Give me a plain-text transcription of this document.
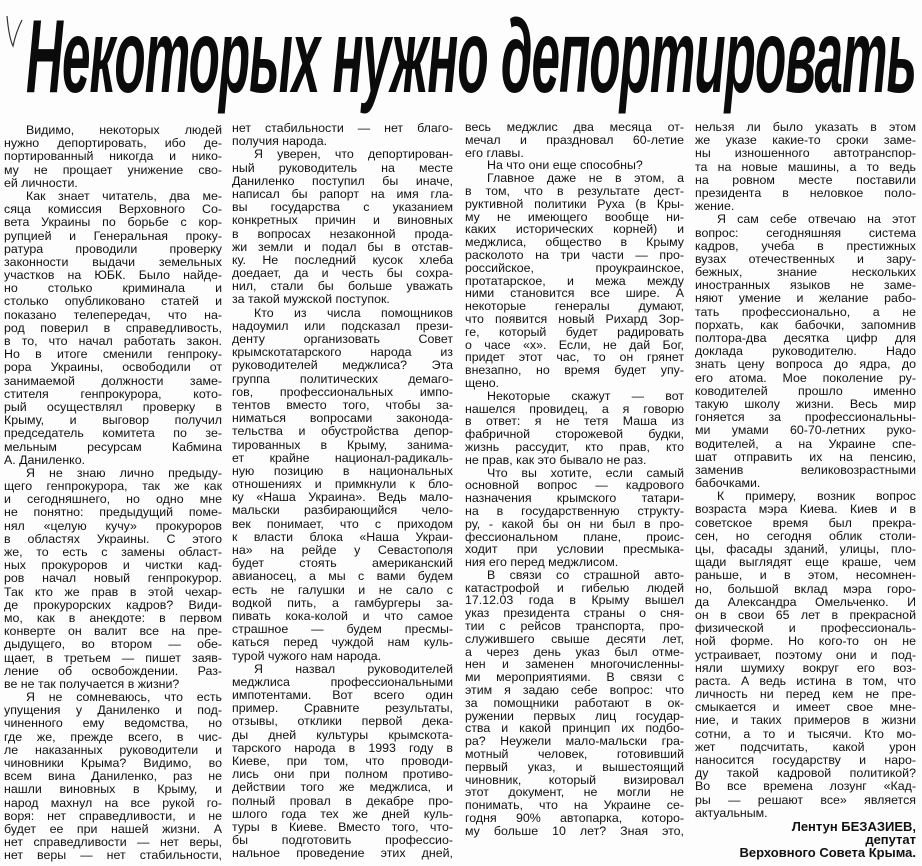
Некоторых нужно депортировать
Видимо, некоторых людей
нужно депортировать, ибо де-
портированный никогда и нико-
му не прощает унижение сво-
ей личности.
Как знает читатель, два ме-
сяца комиссия Верховного Со-
вета Украины по борьбе с кор-
рупцией и Генеральная проку-
ратура проводили проверку
законности выдачи земельных
участков на ЮБК. Было найде-
но столько криминала и
столько опубликовано статей и
показано телепередач, что на-
род поверил в справедливость,
в то, что начал работать закон.
Но в итоге сменили генпроку-
рора Украины, освободили от
занимаемой должности заме-
стителя генпрокурора, кото-
рый осуществлял проверку в
Крыму, и выговор получил
председатель комитета по зе-
мельным ресурсам Кабмина
А. Даниленко.
Я не знаю лично предыду-
щего генпрокурора, так же как
и сегодняшнего, но одно мне
не понятно: предыдущий поме-
нял «целую кучу» прокуроров
в областях Украины. С этого
же, то есть с замены област-
ных прокуроров и чистки кад-
ров начал новый генпрокурор.
Так кто же прав в этой чехар-
де прокурорских кадров? Види-
мо, как в анекдоте: в первом
конверте он валит все на пре-
дыдущего, во втором — обе-
щает, в третьем — пишет заяв-
ление об освобождении. Раз-
ве не так получается в жизни?
Я не сомневаюсь, что есть
упущения у Даниленко и под-
чиненного ему ведомства, но
где же, прежде всего, в чис-
ле наказанных руководители и
чиновники Крыма? Видимо, во
всем вина Даниленко, раз не
нашли виновных в Крыму, и
народ махнул на все рукой го-
воря: нет справедливости, и не
будет ее при нашей жизни. А
нет справедливости — нет веры,
нет веры — нет стабильности,
нет стабильности — нет благо-
получия народа.
Я уверен, что депортирован-
ный руководитель на месте
Даниленко поступил бы иначе,
написал бы рапорт на имя гла-
вы государства с указанием
конкретных причин и виновных
в вопросах незаконной прода-
жи земли и подал бы в отстав-
ку. Не последний кусок хлеба
доедает, да и честь бы сохра-
нил, стали бы больше уважать
за такой мужской поступок.
Кто из числа помощников
надоумил или подсказал прези-
денту организовать Совет
крымскотатарского народа из
руководителей меджлиса? Эта
группа политических демаго-
гов, профессиональных импо-
тентов вместо того, чтобы за-
ниматься вопросами законода-
тельства и обустройства депор-
тированных в Крыму, занима-
ет крайне национал-радикаль-
ную позицию в национальных
отношениях и примкнули к бло-
ку «Наша Украина». Ведь мало-
мальски разбирающийся чело-
век понимает, что с приходом
к власти блока «Наша Украи-
на» на рейде у Севастополя
будет стоять американский
авианосец, а мы с вами будем
есть не галушки и не сало с
водкой пить, а гамбургеры за-
пивать кока-колой и что самое
страшное — будем пресмы-
каться перед чуждой нам куль-
турой чужого нам народа.
Я назвал руководителей
меджлиса профессиональными
импотентами. Вот всего один
пример. Сравните результаты,
отзывы, отклики первой дека-
ды дней культуры крымскота-
тарского народа в 1993 году в
Киеве, при том, что проводи-
лись они при полном противо-
действии того же меджлиса, и
полный провал в декабре про-
шлого года тех же дней куль-
туры в Киеве. Вместо того, что-
бы подготовить профессио-
нальное проведение этих дней,
весь меджлис два месяца от-
мечал и праздновал 60-летие
его главы.
На что они еще способны?
Главное даже не в этом, а
в том, что в результате дест-
руктивной политики Руха (в Кры-
му не имеющего вообще ни-
каких исторических корней) и
меджлиса, общество в Крыму
расколото на три части — про-
российское, проукраинское,
протатарское, и межа между
ними становится все шире. А
некоторые генералы думают,
что появится новый Рихард Зор-
ге, который будет радировать
о часе «х». Если, не дай Бог,
придет этот час, то он грянет
внезапно, но время будет упу-
щено.
Некоторые скажут — вот
нашелся провидец, а я говорю
в ответ: я не тетя Маша из
фабричной сторожевой будки,
жизнь рассудит, кто прав, кто
не прав, как это бывало не раз.
Что вы хотите, если самый
основной вопрос — кадрового
назначения крымского татари-
на в государственную структу-
ру, - какой бы он ни был в про-
фессиональном плане, проис-
ходит при условии пресмыка-
ния его перед меджлисом.
В связи со страшной авто-
катастрофой и гибелью людей
17.12.03 года в Крыму вышел
указ президента страны о сня-
тии с рейсов транспорта, про-
служившего свыше десяти лет,
а через день указ был отме-
нен и заменен многочисленны-
ми мероприятиями. В связи с
этим я задаю себе вопрос: что
за помощники работают в ок-
ружении первых лиц государ-
ства и какой принцип их подбо-
ра? Неужели мало-мальски гра-
мотный человек, готовивший
первый указ, и вышестоящий
чиновник, который визировал
этот документ, не могли не
понимать, что на Украине се-
годня 90% автопарка, которо-
му больше 10 лет? Зная это,
нельзя ли было указать в этом
же указе какие-то сроки заме-
ны изношенного автотранспор-
та на новые машины, а то ведь
на ровном месте поставили
президента в неловкое поло-
жение.
Я сам себе отвечаю на этот
вопрос: сегодняшняя система
кадров, учеба в престижных
вузах отечественных и зару-
бежных, знание нескольких
иностранных языков не заме-
няют умение и желание рабо-
тать профессионально, а не
порхать, как бабочки, запомнив
полтора-два десятка цифр для
доклада руководителю. Надо
знать цену вопроса до ядра, до
его атома. Мое поколение ру-
ководителей прошло именно
такую школу жизни. Весь мир
гоняется за профессиональны-
ми умами 60-70-летних руко-
водителей, а на Украине спе-
шат отправить их на пенсию,
заменив великовозрастными
бабочками.
К примеру, возник вопрос
возраста мэра Киева. Киев и в
советское время был прекра-
сен, но сегодня облик столи-
цы, фасады зданий, улицы, пло-
щади выглядят еще краше, чем
раньше, и в этом, несомнен-
но, большой вклад мэра горо-
да Александра Омельченко. И
он в свои 65 лет в прекрасной
физической и профессиональ-
ной форме. Но кого-то он не
устраивает, поэтому они и под-
няли шумиху вокруг его воз-
раста. А ведь истина в том, что
личность ни перед кем не пре-
смыкается и имеет свое мне-
ние, и таких примеров в жизни
сотни, а то и тысячи. Кто мо-
жет подсчитать, какой урон
наносится государству и наро-
ду такой кадровой политикой?
Во все времена лозунг «Кад-
ры — решают все» является
актуальным.
Лентун БЕЗАЗИЕВ,
депутат
Верховного Совета Крыма.
